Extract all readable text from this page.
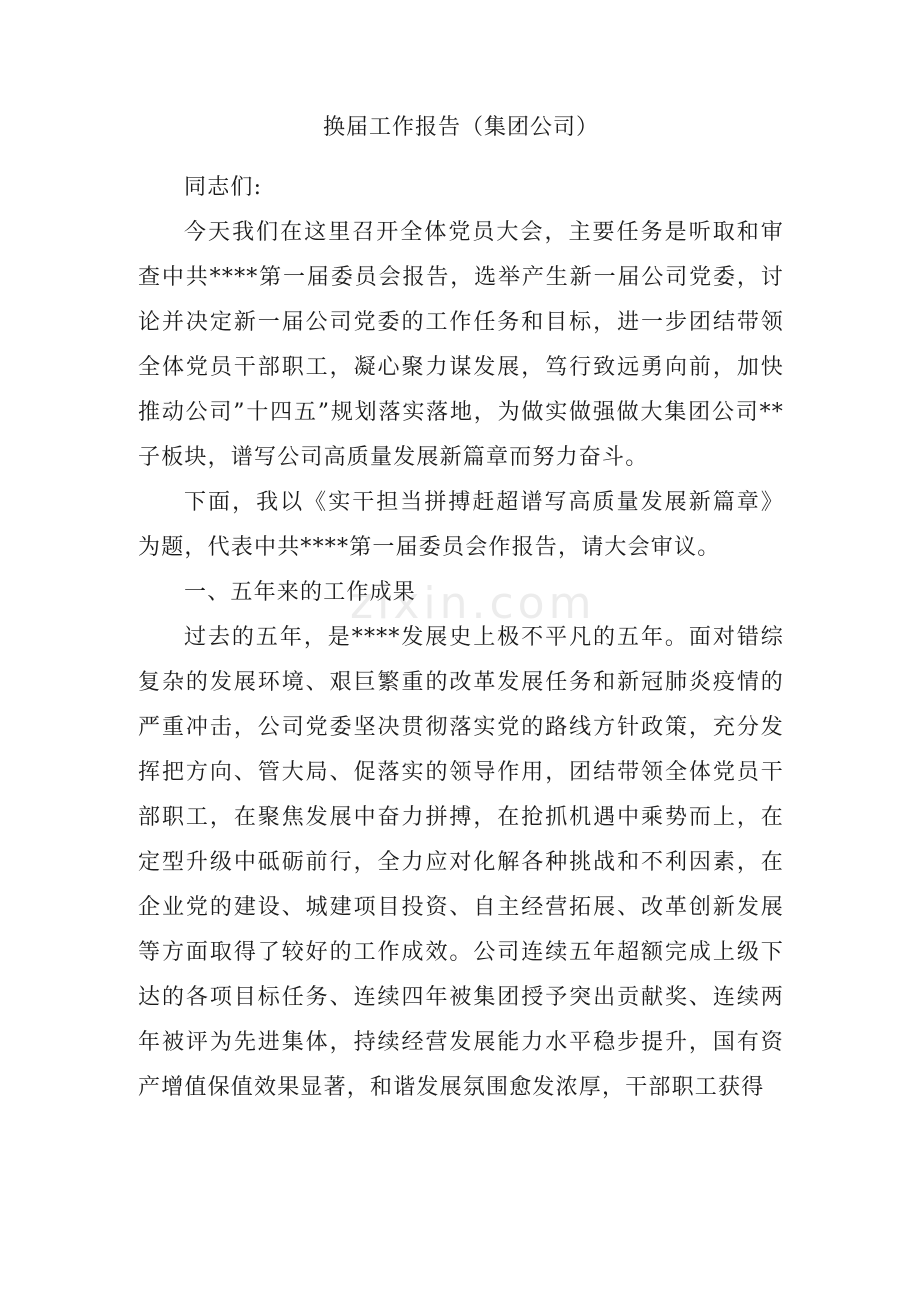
换届工作报告（集团公司）

同志们:

今天我们在这里召开全体党员大会，主要任务是听取和审查中共****第一届委员会报告，选举产生新一届公司党委，讨论并决定新一届公司党委的工作任务和目标，进一步团结带领全体党员干部职工，凝心聚力谋发展，笃行致远勇向前，加快推动公司”十四五”规划落实落地，为做实做强做大集团公司**子板块，谱写公司高质量发展新篇章而努力奋斗。

下面，我以《实干担当拼搏赶超谱写高质量发展新篇章》为题，代表中共****第一届委员会作报告，请大会审议。

一、五年来的工作成果

过去的五年，是****发展史上极不平凡的五年。面对错综复杂的发展环境、艰巨繁重的改革发展任务和新冠肺炎疫情的严重冲击，公司党委坚决贯彻落实党的路线方针政策，充分发挥把方向、管大局、促落实的领导作用，团结带领全体党员干部职工，在聚焦发展中奋力拼搏，在抢抓机遇中乘势而上，在定型升级中砥砺前行，全力应对化解各种挑战和不利因素，在企业党的建设、城建项目投资、自主经营拓展、改革创新发展等方面取得了较好的工作成效。公司连续五年超额完成上级下达的各项目标任务、连续四年被集团授予突出贡献奖、连续两年被评为先进集体，持续经营发展能力水平稳步提升，国有资产增值保值效果显著，和谐发展氛围愈发浓厚，干部职工获得

zixin.com
